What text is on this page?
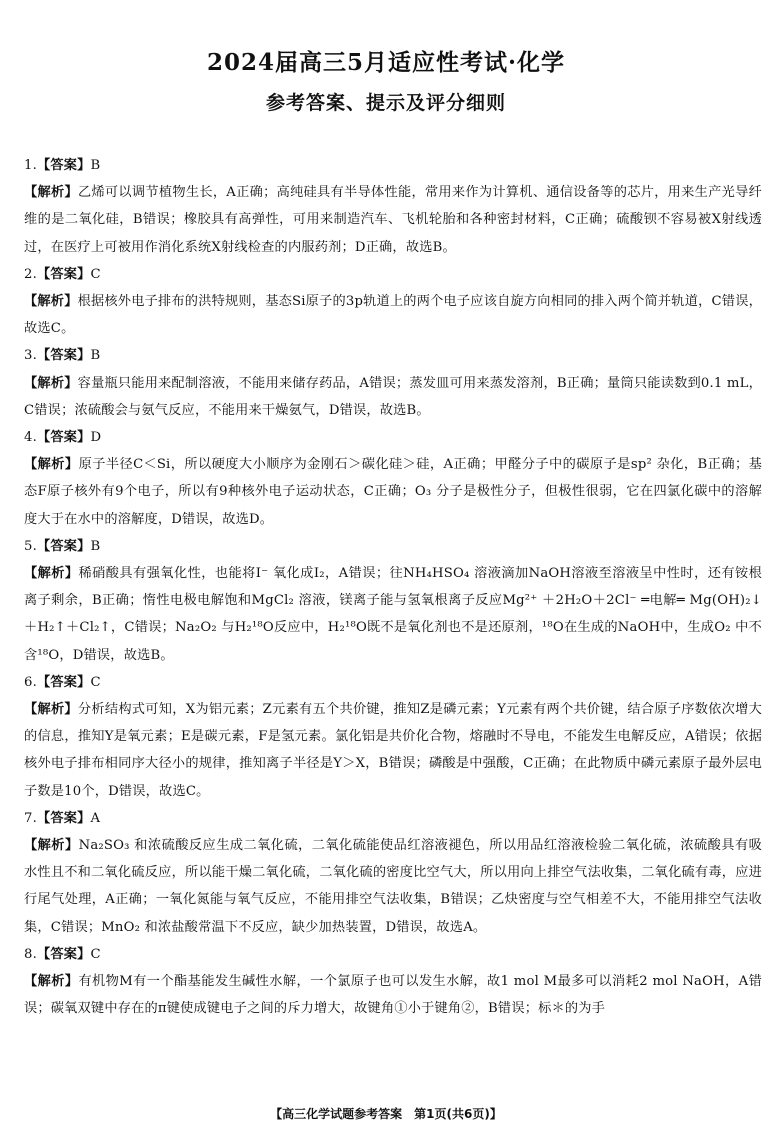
2024届高三5月适应性考试·化学
参考答案、提示及评分细则

1.【答案】B

【解析】乙烯可以调节植物生长，A正确；高纯硅具有半导体性能，常用来作为计算机、通信设备等的芯片，用来生产光导纤维的是二氧化硅，B错误；橡胶具有高弹性，可用来制造汽车、飞机轮胎和各种密封材料，C正确；硫酸钡不容易被X射线透过，在医疗上可被用作消化系统X射线检查的内服药剂；D正确，故选B。

2.【答案】C

【解析】根据核外电子排布的洪特规则，基态Si原子的3p轨道上的两个电子应该自旋方向相同的排入两个简并轨道，C错误，故选C。

3.【答案】B

【解析】容量瓶只能用来配制溶液，不能用来储存药品，A错误；蒸发皿可用来蒸发溶剂，B正确；量筒只能读数到0.1 mL，C错误；浓硫酸会与氨气反应，不能用来干燥氨气，D错误，故选B。

4.【答案】D

【解析】原子半径C＜Si，所以硬度大小顺序为金刚石＞碳化硅＞硅，A正确；甲醛分子中的碳原子是sp² 杂化，B正确；基态F原子核外有9个电子，所以有9种核外电子运动状态，C正确；O₃ 分子是极性分子，但极性很弱，它在四氯化碳中的溶解度大于在水中的溶解度，D错误，故选D。

5.【答案】B

【解析】稀硝酸具有强氧化性，也能将I⁻ 氧化成I₂，A错误；往NH₄HSO₄ 溶液滴加NaOH溶液至溶液呈中性时，还有铵根离子剩余，B正确；惰性电极电解饱和MgCl₂ 溶液，镁离子能与氢氧根离子反应Mg²⁺ ＋2H₂O＋2Cl⁻ ═电解═ Mg(OH)₂↓＋H₂↑＋Cl₂↑，C错误；Na₂O₂ 与H₂¹⁸O反应中，H₂¹⁸O既不是氧化剂也不是还原剂，¹⁸O在生成的NaOH中，生成O₂ 中不含¹⁸O，D错误，故选B。

6.【答案】C

【解析】分析结构式可知，X为铝元素；Z元素有五个共价键，推知Z是磷元素；Y元素有两个共价键，结合原子序数依次增大的信息，推知Y是氧元素；E是碳元素，F是氢元素。氯化铝是共价化合物，熔融时不导电，不能发生电解反应，A错误；依据核外电子排布相同序大径小的规律，推知离子半径是Y＞X，B错误；磷酸是中强酸，C正确；在此物质中磷元素原子最外层电子数是10个，D错误，故选C。

7.【答案】A

【解析】Na₂SO₃ 和浓硫酸反应生成二氧化硫，二氧化硫能使品红溶液褪色，所以用品红溶液检验二氧化硫，浓硫酸具有吸水性且不和二氧化硫反应，所以能干燥二氧化硫，二氧化硫的密度比空气大，所以用向上排空气法收集，二氧化硫有毒，应进行尾气处理，A正确；一氧化氮能与氧气反应，不能用排空气法收集，B错误；乙炔密度与空气相差不大，不能用排空气法收集，C错误；MnO₂ 和浓盐酸常温下不反应，缺少加热装置，D错误，故选A。

8.【答案】C

【解析】有机物M有一个酯基能发生碱性水解，一个氯原子也可以发生水解，故1 mol M最多可以消耗2 mol NaOH，A错误；碳氧双键中存在的π键使成键电子之间的斥力增大，故键角①小于键角②，B错误；标＊的为手

【高三化学试题参考答案　第1页(共6页)】
